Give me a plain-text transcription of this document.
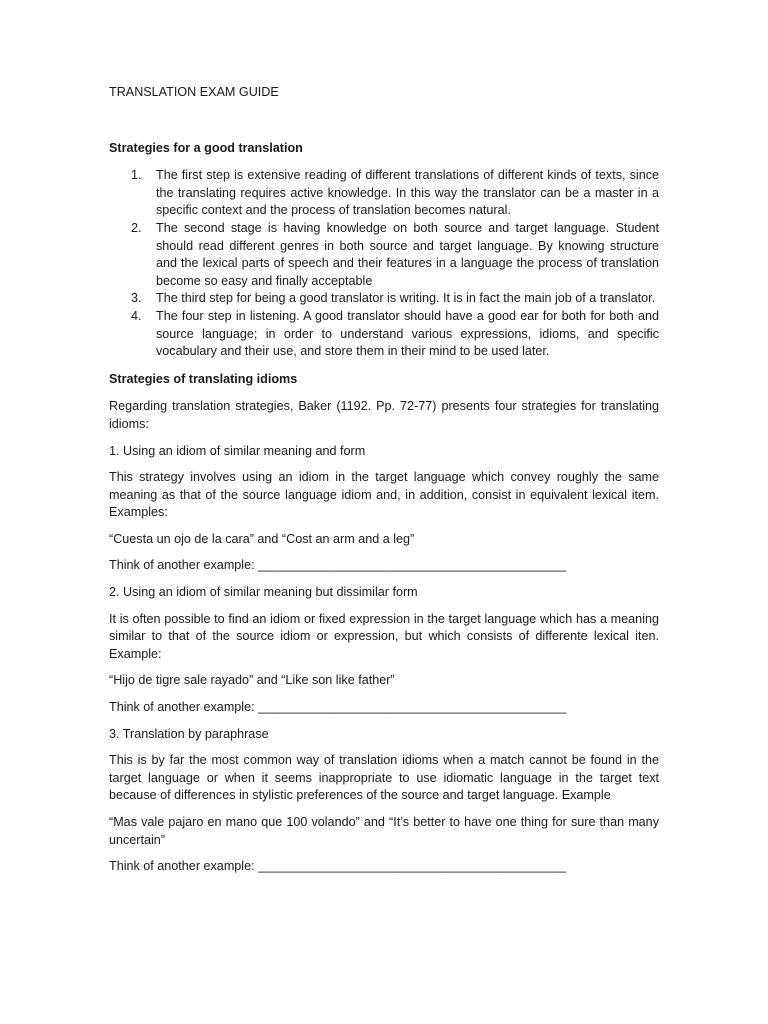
TRANSLATION EXAM GUIDE

Strategies for a good translation

1.	The first step is extensive reading of different translations of different kinds of texts, since the translating requires active knowledge. In this way the translator can be a master in a specific context and the process of translation becomes natural.
2.	The second stage is having knowledge on both source and target language. Student should read different genres in both source and target language. By knowing structure and the lexical parts of speech and their features in a language the process of translation become so easy and finally acceptable
3.	The third step for being a good translator is writing. It is in fact the main job of a translator.
4.	The four step in listening. A good translator should have a good ear for both for both and source language; in order to understand various expressions, idioms, and specific vocabulary and their use, and store them in their mind to be used later.

Strategies of translating idioms

Regarding translation strategies, Baker (1192. Pp. 72-77) presents four strategies for translating idioms:

1. Using an idiom of similar meaning and form

This strategy involves using an idiom in the target language which convey roughly the same meaning as that of the source language idiom and, in addition, consist in equivalent lexical item. Examples:

“Cuesta un ojo de la cara” and “Cost an arm and a leg”

Think of another example: ____________________________________________

2. Using an idiom of similar meaning but dissimilar form

It is often possible to find an idiom or fixed expression in the target language which has a meaning similar to that of the source idiom or expression, but which consists of differente lexical iten. Example:

“Hijo de tigre sale rayado” and “Like son like father”

Think of another example: ____________________________________________

3. Translation by paraphrase

This is by far the most common way of translation idioms when a match cannot be found in the target language or when it seems inappropriate to use idiomatic language in the target text because of differences in stylistic preferences of the source and target language. Example

“Mas vale pajaro en mano que 100 volando” and “It’s better to have one thing for sure than many uncertain”

Think of another example: ____________________________________________
